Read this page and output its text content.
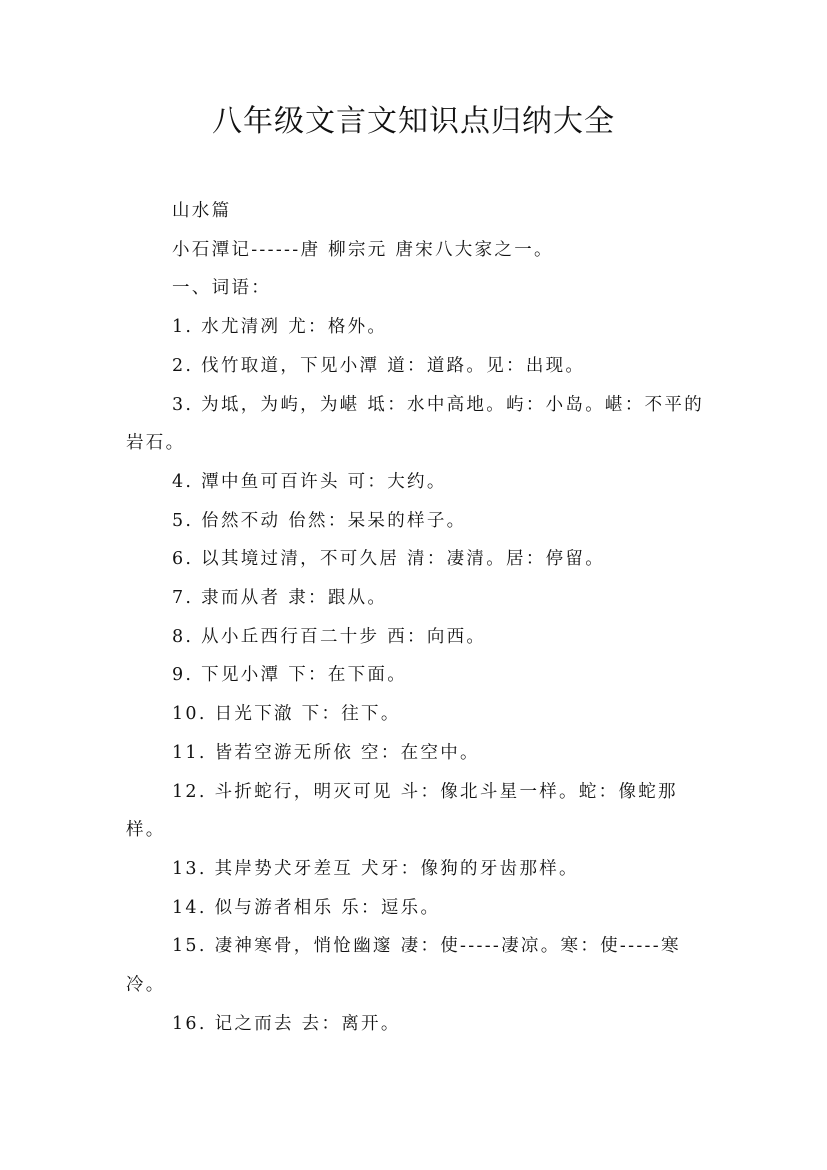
八年级文言文知识点归纳大全

山水篇

小石潭记------唐 柳宗元 唐宋八大家之一。

一、词语：

1. 水尤清冽 尤：格外。

2. 伐竹取道，下见小潭 道：道路。见：出现。

3. 为坻，为屿，为嵁 坻：水中高地。屿：小岛。嵁：不平的岩石。

4. 潭中鱼可百许头 可：大约。

5. 佁然不动 佁然：呆呆的样子。

6. 以其境过清，不可久居 清：凄清。居：停留。

7. 隶而从者 隶：跟从。

8. 从小丘西行百二十步 西：向西。

9. 下见小潭 下：在下面。

10. 日光下澈 下：往下。

11. 皆若空游无所依 空：在空中。

12. 斗折蛇行，明灭可见 斗：像北斗星一样。蛇：像蛇那样。

13. 其岸势犬牙差互 犬牙：像狗的牙齿那样。

14. 似与游者相乐 乐：逗乐。

15. 凄神寒骨，悄怆幽邃 凄：使-----凄凉。寒：使-----寒冷。

16. 记之而去 去：离开。
